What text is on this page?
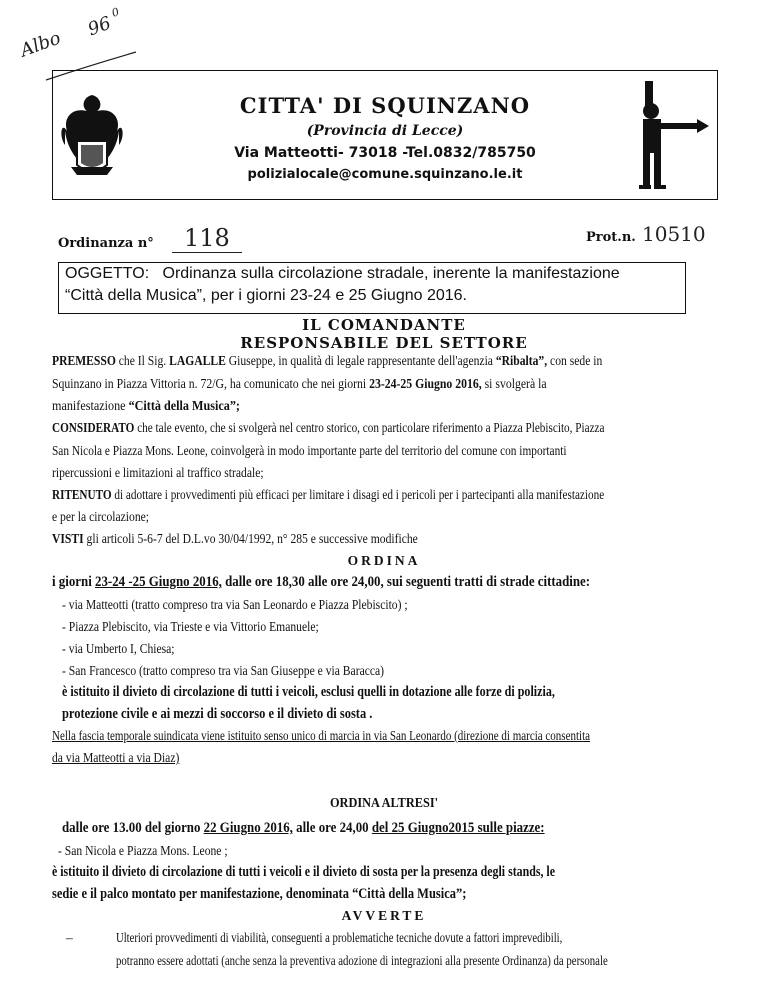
Albo
96
0
CITTA' DI SQUINZANO
(Provincia di Lecce)
Via Matteotti- 73018 -Tel.0832/785750
polizialocale@comune.squinzano.le.it
Ordinanza n°	118	Prot.n. 10510
OGGETTO: Ordinanza sulla circolazione stradale, inerente la manifestazione
“Città della Musica”, per i giorni 23-24 e 25 Giugno 2016.
IL COMANDANTE
RESPONSABILE DEL SETTORE
PREMESSO che Il Sig. LAGALLE Giuseppe, in qualità di legale rappresentante dell'agenzia “Ribalta”, con sede in
Squinzano in Piazza Vittoria n. 72/G, ha comunicato che nei giorni 23-24-25 Giugno 2016, si svolgerà la
manifestazione “Città della Musica”;
CONSIDERATO che tale evento, che si svolgerà nel centro storico, con particolare riferimento a Piazza Plebiscito, Piazza
San Nicola e Piazza Mons. Leone, coinvolgerà in modo importante parte del territorio del comune con importanti
ripercussioni e limitazioni al traffico stradale;
RITENUTO di adottare i provvedimenti più efficaci per limitare i disagi ed i pericoli per i partecipanti alla manifestazione
e per la circolazione;
VISTI gli articoli 5-6-7 del D.L.vo 30/04/1992, n° 285 e successive modifiche
ORDINA
i giorni 23-24 -25 Giugno 2016, dalle ore 18,30 alle ore 24,00, sui seguenti tratti di strade cittadine:
- via Matteotti (tratto compreso tra via San Leonardo e Piazza Plebiscito) ;
- Piazza Plebiscito, via Trieste e via Vittorio Emanuele;
- via Umberto I, Chiesa;
- San Francesco (tratto compreso tra via San Giuseppe e via Baracca)
è istituito il divieto di circolazione di tutti i veicoli, esclusi quelli in dotazione alle forze di polizia,
protezione civile e ai mezzi di soccorso e il divieto di sosta .
Nella fascia temporale suindicata viene istituito senso unico di marcia in via San Leonardo (direzione di marcia consentita
da via Matteotti a via Diaz)
ORDINA ALTRESI'
dalle ore 13.00 del giorno 22 Giugno 2016, alle ore 24,00 del 25 Giugno2015 sulle piazze:
- San Nicola e Piazza Mons. Leone ;
è istituito il divieto di circolazione di tutti i veicoli e il divieto di sosta per la presenza degli stands, le
sedie e il palco montato per manifestazione, denominata “Città della Musica”;
AVVERTE
–	Ulteriori provvedimenti di viabilità, conseguenti a problematiche tecniche dovute a fattori imprevedibili,
potranno essere adottati (anche senza la preventiva adozione di integrazioni alla presente Ordinanza) da personale
